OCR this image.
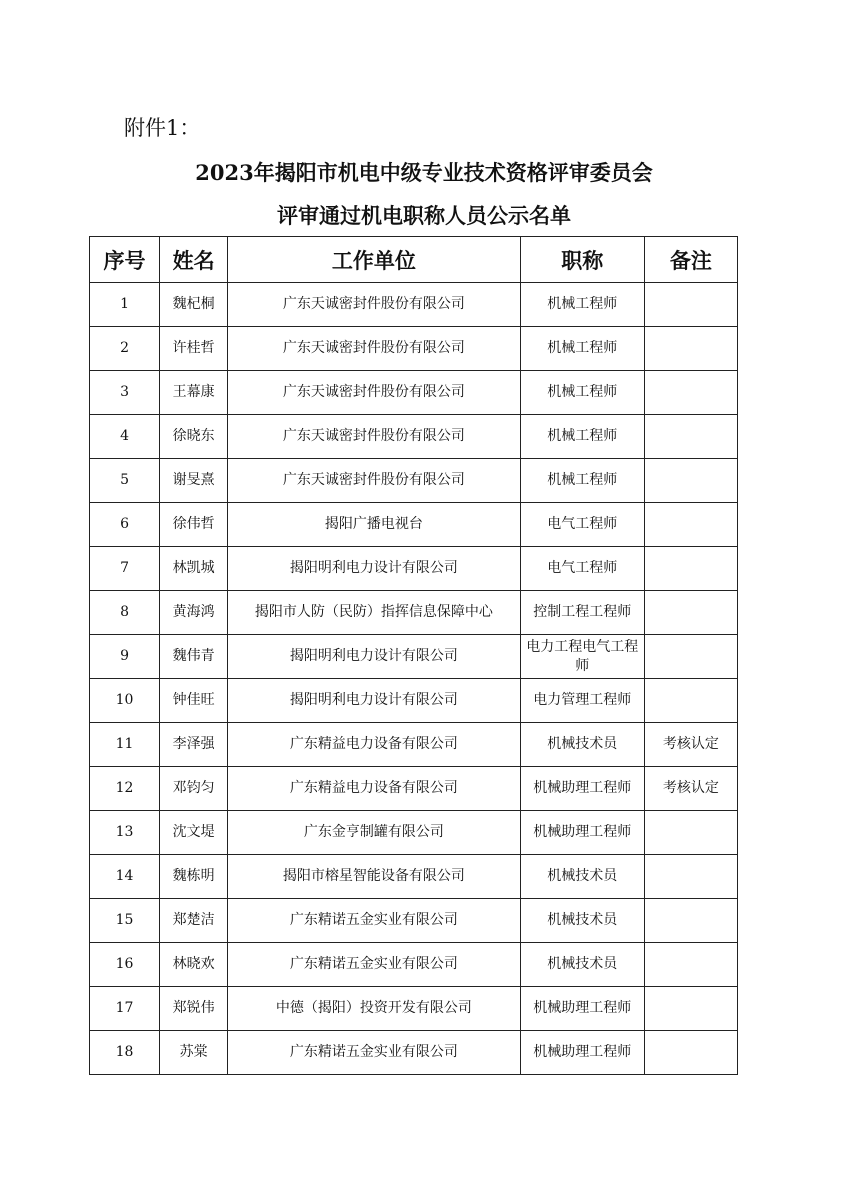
附件1：
2023年揭阳市机电中级专业技术资格评审委员会
评审通过机电职称人员公示名单
序号	姓名	工作单位	职称	备注
1	魏杞桐	广东天诚密封件股份有限公司	机械工程师	
2	许桂哲	广东天诚密封件股份有限公司	机械工程师	
3	王幕康	广东天诚密封件股份有限公司	机械工程师	
4	徐晓东	广东天诚密封件股份有限公司	机械工程师	
5	谢旻熹	广东天诚密封件股份有限公司	机械工程师	
6	徐伟哲	揭阳广播电视台	电气工程师	
7	林凯城	揭阳明利电力设计有限公司	电气工程师	
8	黄海鸿	揭阳市人防（民防）指挥信息保障中心	控制工程工程师	
9	魏伟青	揭阳明利电力设计有限公司	电力工程电气工程师	
10	钟佳旺	揭阳明利电力设计有限公司	电力管理工程师	
11	李泽强	广东精益电力设备有限公司	机械技术员	考核认定
12	邓钧匀	广东精益电力设备有限公司	机械助理工程师	考核认定
13	沈文堤	广东金亨制罐有限公司	机械助理工程师	
14	魏栋明	揭阳市榕星智能设备有限公司	机械技术员	
15	郑楚洁	广东精诺五金实业有限公司	机械技术员	
16	林晓欢	广东精诺五金实业有限公司	机械技术员	
17	郑锐伟	中德（揭阳）投资开发有限公司	机械助理工程师	
18	苏棠	广东精诺五金实业有限公司	机械助理工程师	
